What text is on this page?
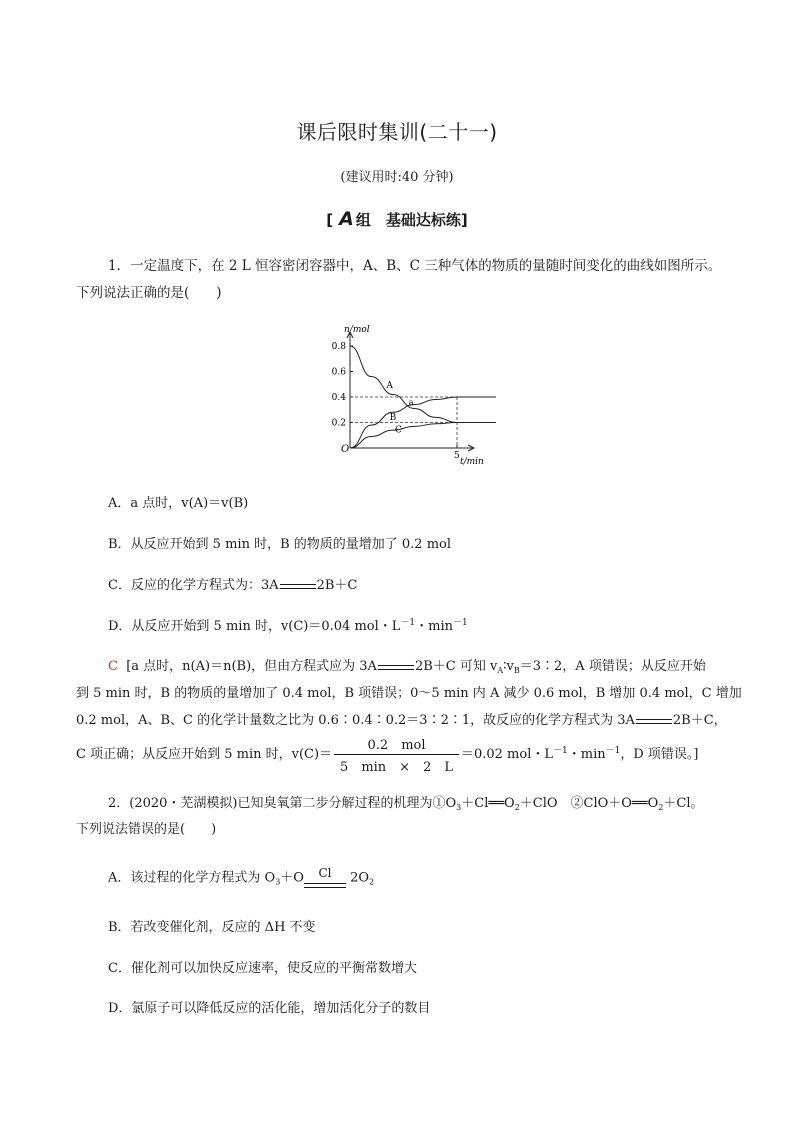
课后限时集训(二十一)
(建议用时:40 分钟)
[ A 组　基础达标练]
1．一定温度下，在 2 L 恒容密闭容器中，A、B、C 三种气体的物质的量随时间变化的曲线如图所示。
下列说法正确的是(　　)
n/mol
t/min
O
0.8
0.6
0.4
0.2
5
A
B
C
a
A．a 点时，v(A)＝v(B)
B．从反应开始到 5 min 时，B 的物质的量增加了 0.2 mol
C．反应的化学方程式为：3A	2B＋C
D．从反应开始到 5 min 时，v(C)＝0.04 mol・$L^{-1}$・$\min^{-1}$
C [a 点时，n(A)＝n(B)，但由方程式应为 3A	2B＋C 可知 $v_A∶v_B=3∶2$，A 项错误；从反应开始
到 5 min 时，B 的物质的量增加了 0.4 mol，B 项错误；0～5 min 内 A 减少 0.6 mol，B 增加 0.4 mol，C 增加
0.2 mol，A、B、C 的化学计量数之比为 0.6∶0.4∶0.2＝3∶2∶1，故反应的化学方程式为 3A	2B＋C，
C 项正确；从反应开始到 5 min 时，$v(C)= \frac{\text{0.2　mol}}{5 \min \times 2 L} =0.02$ mol・$L^{-1}$・$\min^{-1}$，D 项错误。]
2．(2020・芜湖模拟)已知臭氧第二步分解过程的机理为$①O_3+Cl══O_2+ClO$　$②ClO+O══O_2+Cl$。
下列说法错误的是(　　)
A．该过程的化学方程式为 $O_3+O$	Cl	$2O_2$
B．若改变催化剂，反应的 ΔH 不变
C．催化剂可以加快反应速率，使反应的平衡常数增大
D．氯原子可以降低反应的活化能，增加活化分子的数目
